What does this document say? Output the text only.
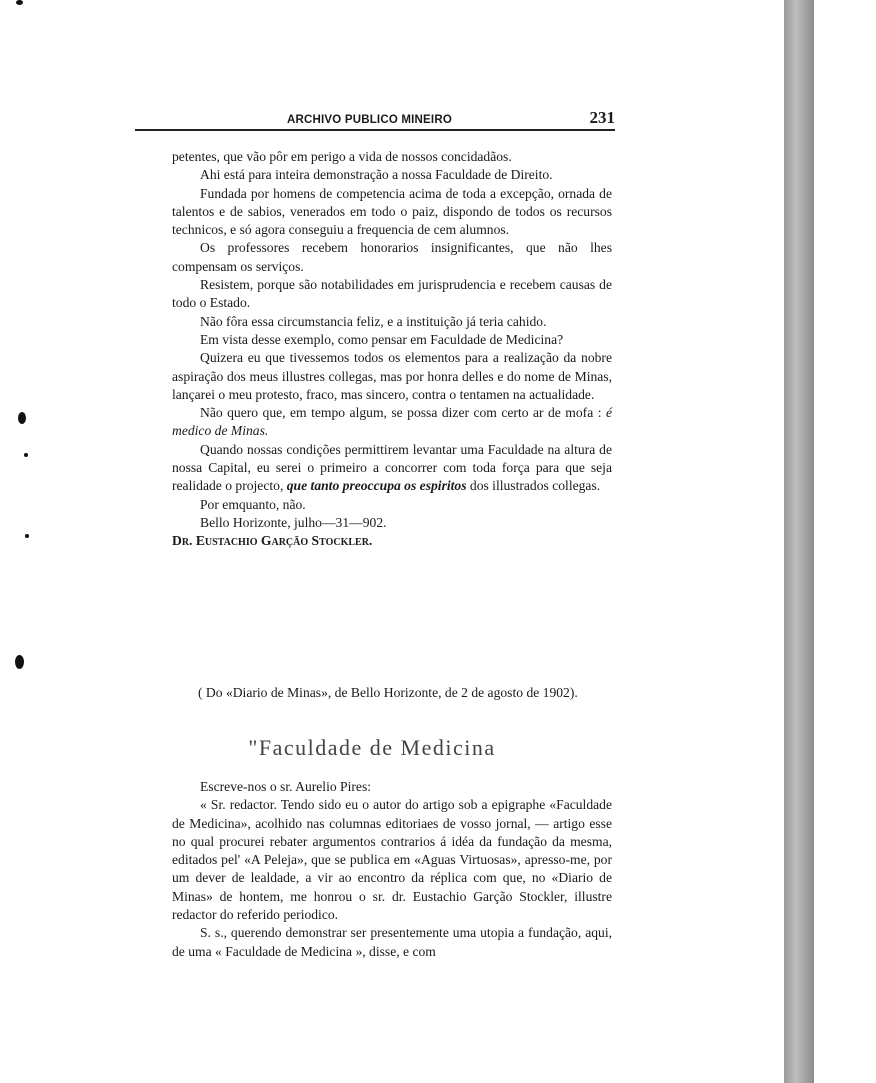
ARCHIVO PUBLICO MINEIRO	231

petentes, que vão pôr em perigo a vida de nossos concidadãos.

Ahi está para inteira demonstração a nossa Faculdade de Direito.

Fundada por homens de competencia acima de toda a excepção, ornada de talentos e de sabios, venerados em todo o paiz, dispondo de todos os recursos technicos, e só agora conseguiu a frequencia de cem alumnos.

Os professores recebem honorarios insignificantes, que não lhes compensam os serviços.

Resistem, porque são notabilidades em jurisprudencia e recebem causas de todo o Estado.

Não fôra essa circumstancia feliz, e a instituição já teria cahido.

Em vista desse exemplo, como pensar em Faculdade de Medicina?

Quizera eu que tivessemos todos os elementos para a realização da nobre aspiração dos meus illustres collegas, mas por honra delles e do nome de Minas, lançarei o meu protesto, fraco, mas sincero, contra o tentamen na actualidade.

Não quero que, em tempo algum, se possa dizer com certo ar de mofa : é medico de Minas.

Quando nossas condições permittirem levantar uma Faculdade na altura de nossa Capital, eu serei o primeiro a concorrer com toda força para que seja realidade o projecto, que tanto preoccupa os espiritos dos illustrados collegas.

Por emquanto, não.

Bello Horizonte, julho—31—902.

Dr. Eustachio Garção Stockler.

( Do «Diario de Minas», de Bello Horizonte, de 2 de agosto de 1902).
"Faculdade de Medicina

Escreve-nos o sr. Aurelio Pires:

« Sr. redactor. Tendo sido eu o autor do artigo sob a epigraphe «Faculdade de Medicina», acolhido nas columnas editoriaes de vosso jornal, — artigo esse no qual procurei rebater argumentos contrarios á idéa da fundação da mesma, editados pel' «A Peleja», que se publica em «Aguas Virtuosas», apresso-me, por um dever de lealdade, a vir ao encontro da réplica com que, no «Diario de Minas» de hontem, me honrou o sr. dr. Eustachio Garção Stockler, illustre redactor do referido periodico.

S. s., querendo demonstrar ser presentemente uma utopia a fundação, aqui, de uma « Faculdade de Medicina », disse, e com
